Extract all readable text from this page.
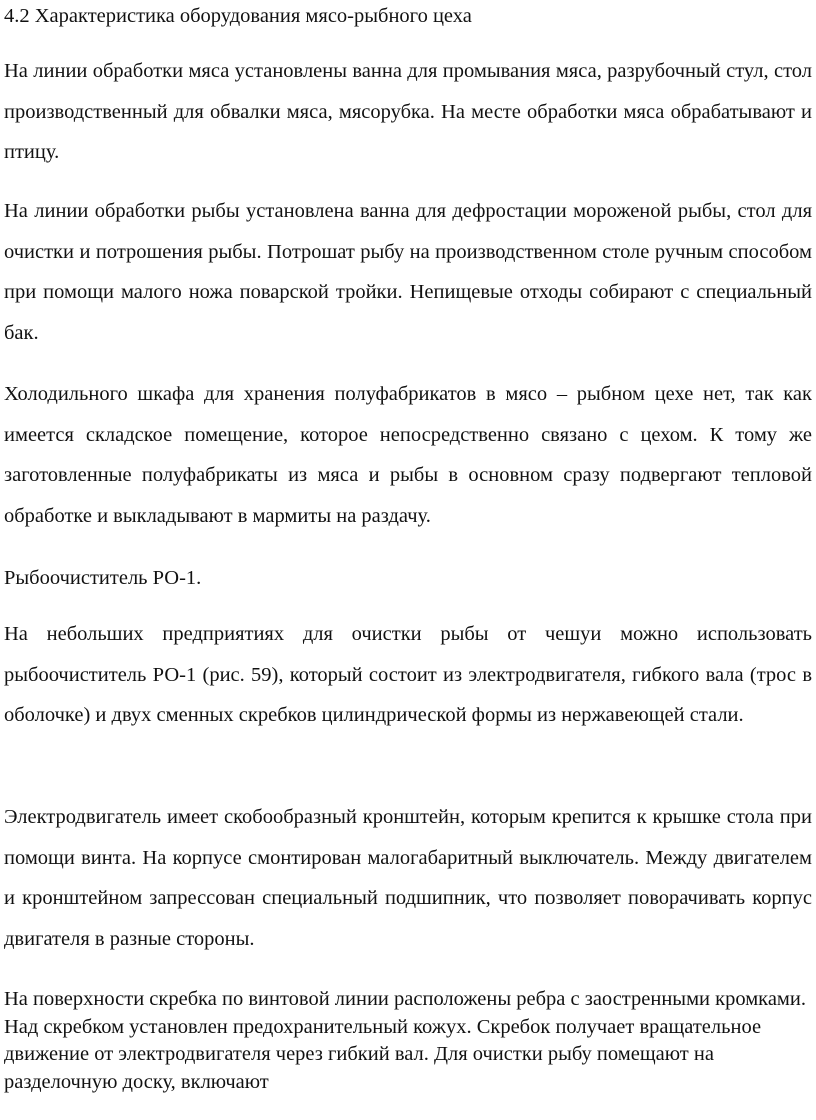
4.2 Характеристика оборудования мясо-рыбного цеха

На линии обработки мяса установлены ванна для промывания мяса, разрубочный стул, стол производственный для обвалки мяса, мясорубка. На месте обработки мяса обрабатывают и птицу.

На линии обработки рыбы установлена ванна для дефростации мороженой рыбы, стол для очистки и потрошения рыбы. Потрошат рыбу на производственном столе ручным способом при помощи малого ножа поварской тройки. Непищевые отходы собирают с специальный бак.

Холодильного шкафа для хранения полуфабрикатов в мясо – рыбном цехе нет, так как имеется складское помещение, которое непосредственно связано с цехом. К тому же заготовленные полуфабрикаты из мяса и рыбы в основном сразу подвергают тепловой обработке и выкладывают в мармиты на раздачу.

Рыбоочиститель РО-1.

На небольших предприятиях для очистки рыбы от чешуи можно использовать рыбоочиститель РО-1 (рис. 59), который состоит из электродвигателя, гибкого вала (трос в оболочке) и двух сменных скребков цилиндрической формы из нержавеющей стали.

Электродвигатель имеет скобообразный кронштейн, которым крепится к крышке стола при помощи винта. На корпусе смонтирован малогабаритный выключатель. Между двигателем и кронштейном запрессован специальный подшипник, что позволяет поворачивать корпус двигателя в разные стороны.

На поверхности скребка по винтовой линии расположены ребра с заостренными кромками. Над скребком установлен предохранительный кожух. Скребок получает вращательное движение от электродвигателя через гибкий вал. Для очистки рыбу помещают на разделочную доску, включают
